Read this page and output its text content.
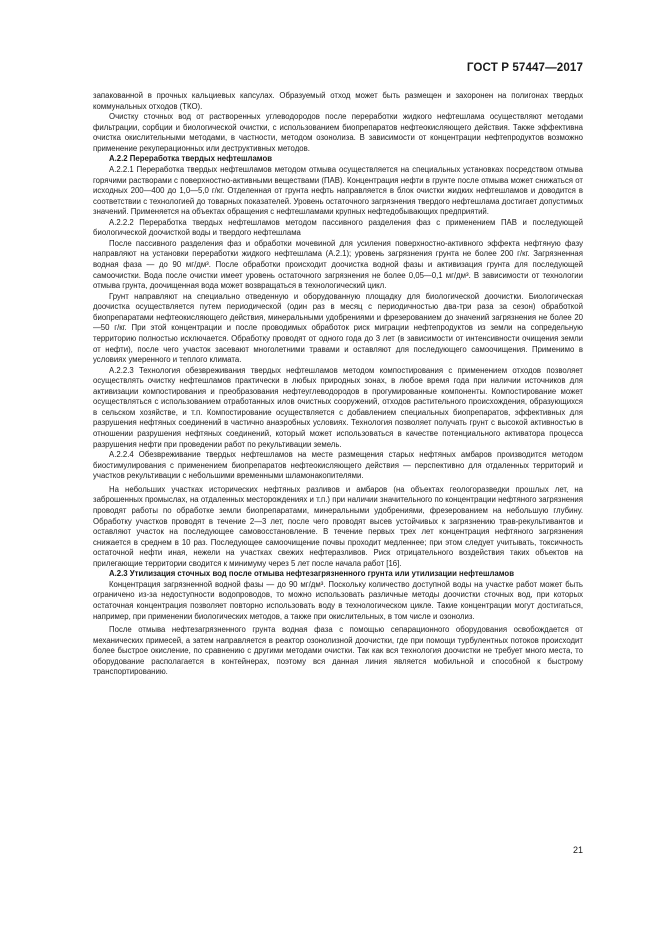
ГОСТ Р 57447—2017

запакованной в прочных кальциевых капсулах. Образуемый отход может быть размещен и захоронен на полигонах твердых коммунальных отходов (ТКО).

Очистку сточных вод от растворенных углеводородов после переработки жидкого нефтешлама осуществляют методами фильтрации, сорбции и биологической очистки, с использованием биопрепаратов нефтеокисляющего действия. Также эффективна очистка окислительными методами, в частности, методом озонолиза. В зависимости от концентрации нефтепродуктов возможно применение рекуперационных или деструктивных методов.

А.2.2 Переработка твердых нефтешламов

А.2.2.1 Переработка твердых нефтешламов методом отмыва осуществляется на специальных установках посредством отмыва горячими растворами с поверхностно-активными веществами (ПАВ). Концентрация нефти в грунте после отмыва может снижаться от исходных 200—400 до 1,0—5,0 г/кг. Отделенная от грунта нефть направляется в блок очистки жидких нефтешламов и доводится в соответствии с технологией до товарных показателей. Уровень остаточного загрязнения твердого нефтешлама достигает допустимых значений. Применяется на объектах обращения с нефтешламами крупных нефтедобывающих предприятий.

А.2.2.2 Переработка твердых нефтешламов методом пассивного разделения фаз с применением ПАВ и последующей биологической доочисткой воды и твердого нефтешлама

После пассивного разделения фаз и обработки мочевиной для усиления поверхностно-активного эффекта нефтяную фазу направляют на установки переработки жидкого нефтешлама (А.2.1); уровень загрязнения грунта не более 200 г/кг. Загрязненная водная фаза — до 90 мг/дм³. После обработки происходит доочистка водной фазы и активизация грунта для последующей самоочистки. Вода после очистки имеет уровень остаточного загрязнения не более 0,05—0,1 мг/дм³. В зависимости от технологии отмыва грунта, доочищенная вода может возвращаться в технологический цикл.

Грунт направляют на специально отведенную и оборудованную площадку для биологической доочистки. Биологическая доочистка осуществляется путем периодической (один раз в месяц с периодичностью два-три раза за сезон) обработкой биопрепаратами нефтеокисляющего действия, минеральными удобрениями и фрезерованием до значений загрязнения не более 20—50 г/кг. При этой концентрации и после проводимых обработок риск миграции нефтепродуктов из земли на сопредельную территорию полностью исключается. Обработку проводят от одного года до 3 лет (в зависимости от интенсивности очищения земли от нефти), после чего участок засевают многолетними травами и оставляют для последующего самоочищения. Применимо в условиях умеренного и теплого климата.

А.2.2.3 Технология обезвреживания твердых нефтешламов методом компостирования с применением отходов позволяет осуществлять очистку нефтешламов практически в любых природных зонах, в любое время года при наличии источников для активизации компостирования и преобразования нефтеуглеводородов в прогумированные компоненты. Компостирование может осуществляться с использованием отработанных илов очистных сооружений, отходов растительного происхождения, образующихся в сельском хозяйстве, и т.п. Компостирование осуществляется с добавлением специальных биопрепаратов, эффективных для разрушения нефтяных соединений в частично анаэробных условиях. Технология позволяет получать грунт с высокой активностью в отношении разрушения нефтяных соединений, который может использоваться в качестве потенциального активатора процесса разрушения нефти при проведении работ по рекультивации земель.

А.2.2.4 Обезвреживание твердых нефтешламов на месте размещения старых нефтяных амбаров производится методом биостимулирования с применением биопрепаратов нефтеокисляющего действия — перспективно для отдаленных территорий и участков рекультивации с небольшими временными шламонакопителями.

На небольших участках исторических нефтяных разливов и амбаров (на объектах геологоразведки прошлых лет, на заброшенных промыслах, на отдаленных месторождениях и т.п.) при наличии значительного по концентрации нефтяного загрязнения проводят работы по обработке земли биопрепаратами, минеральными удобрениями, фрезерованием на небольшую глубину. Обработку участков проводят в течение 2—3 лет, после чего проводят высев устойчивых к загрязнению трав-рекультивантов и оставляют участок на последующее самовосстановление. В течение первых трех лет концентрация нефтяного загрязнения снижается в среднем в 10 раз. Последующее самоочищение почвы проходит медленнее; при этом следует учитывать, токсичность остаточной нефти иная, нежели на участках свежих нефтеразливов. Риск отрицательного воздействия таких объектов на прилегающие территории сводится к минимуму через 5 лет после начала работ [16].

А.2.3 Утилизация сточных вод после отмыва нефтезагрязненного грунта или утилизации нефтешламов

Концентрация загрязненной водной фазы — до 90 мг/дм³. Поскольку количество доступной воды на участке работ может быть ограничено из-за недоступности водопроводов, то можно использовать различные методы доочистки сточных вод, при которых остаточная концентрация позволяет повторно использовать воду в технологическом цикле. Такие концентрации могут достигаться, например, при применении биологических методов, а также при окислительных, в том числе и озонолиз.

После отмыва нефтезагрязненного грунта водная фаза с помощью сепарационного оборудования освобождается от механических примесей, а затем направляется в реактор озонолизной доочистки, где при помощи турбулентных потоков происходит более быстрое окисление, по сравнению с другими методами очистки. Так как вся технология доочистки не требует много места, то оборудование располагается в контейнерах, поэтому вся данная линия является мобильной и способной к быстрому транспортированию.

21
